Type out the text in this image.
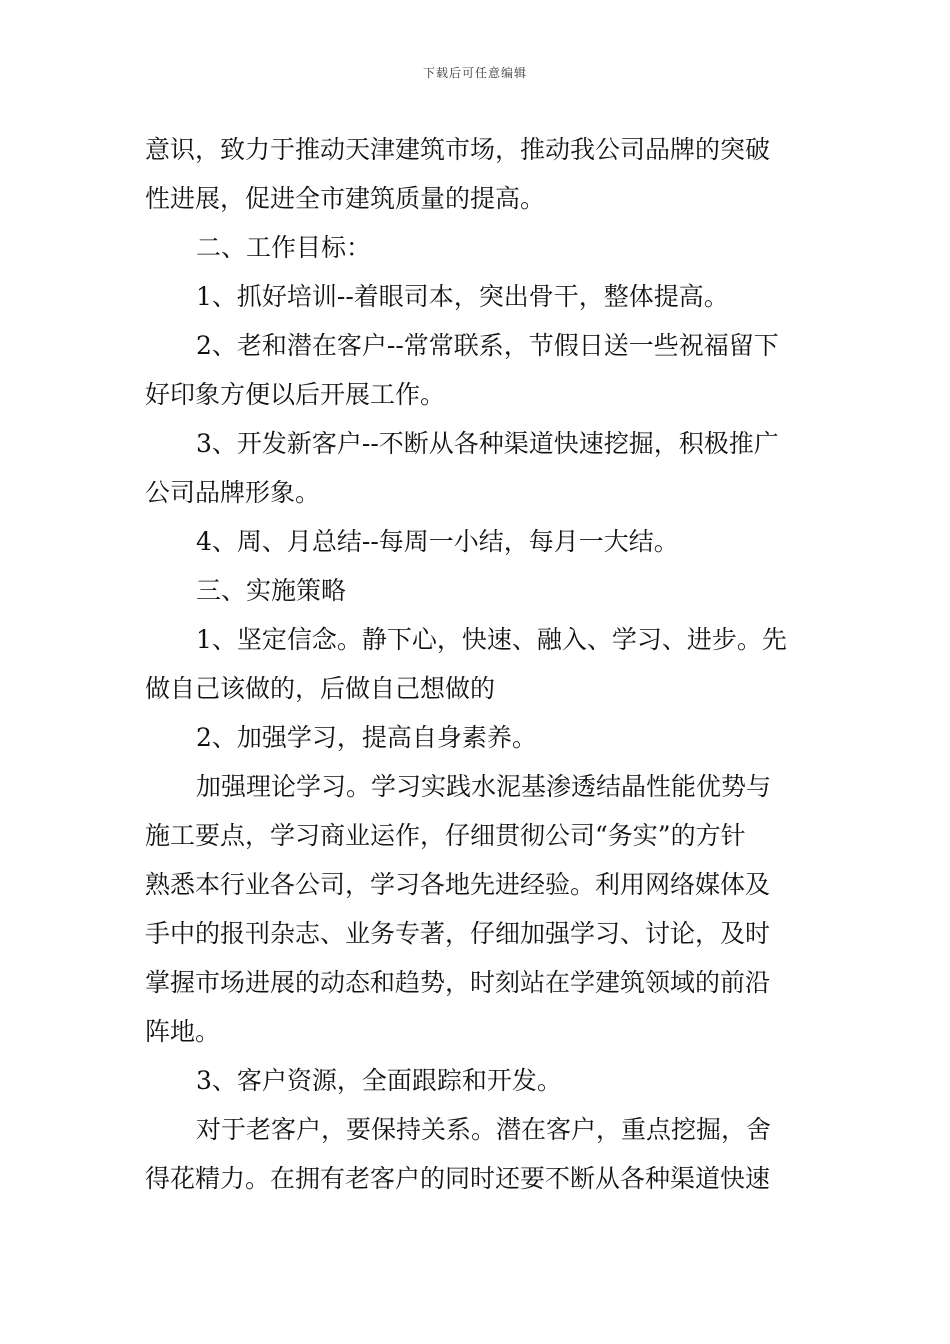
下载后可任意编辑

意识，致力于推动天津建筑市场，推动我公司品牌的突破

性进展，促进全市建筑质量的提高。

二、工作目标：

1、抓好培训--着眼司本，突出骨干，整体提高。

2、老和潜在客户--常常联系，节假日送一些祝福留下

好印象方便以后开展工作。

3、开发新客户--不断从各种渠道快速挖掘，积极推广

公司品牌形象。

4、周、月总结--每周一小结，每月一大结。

三、实施策略

1、坚定信念。静下心，快速、融入、学习、进步。先

做自己该做的，后做自己想做的

2、加强学习，提高自身素养。

加强理论学习。学习实践水泥基渗透结晶性能优势与

施工要点，学习商业运作，仔细贯彻公司“务实”的方针

熟悉本行业各公司，学习各地先进经验。利用网络媒体及

手中的报刊杂志、业务专著，仔细加强学习、讨论，及时

掌握市场进展的动态和趋势，时刻站在学建筑领域的前沿

阵地。

3、客户资源，全面跟踪和开发。

对于老客户，要保持关系。潜在客户，重点挖掘，舍

得花精力。在拥有老客户的同时还要不断从各种渠道快速
